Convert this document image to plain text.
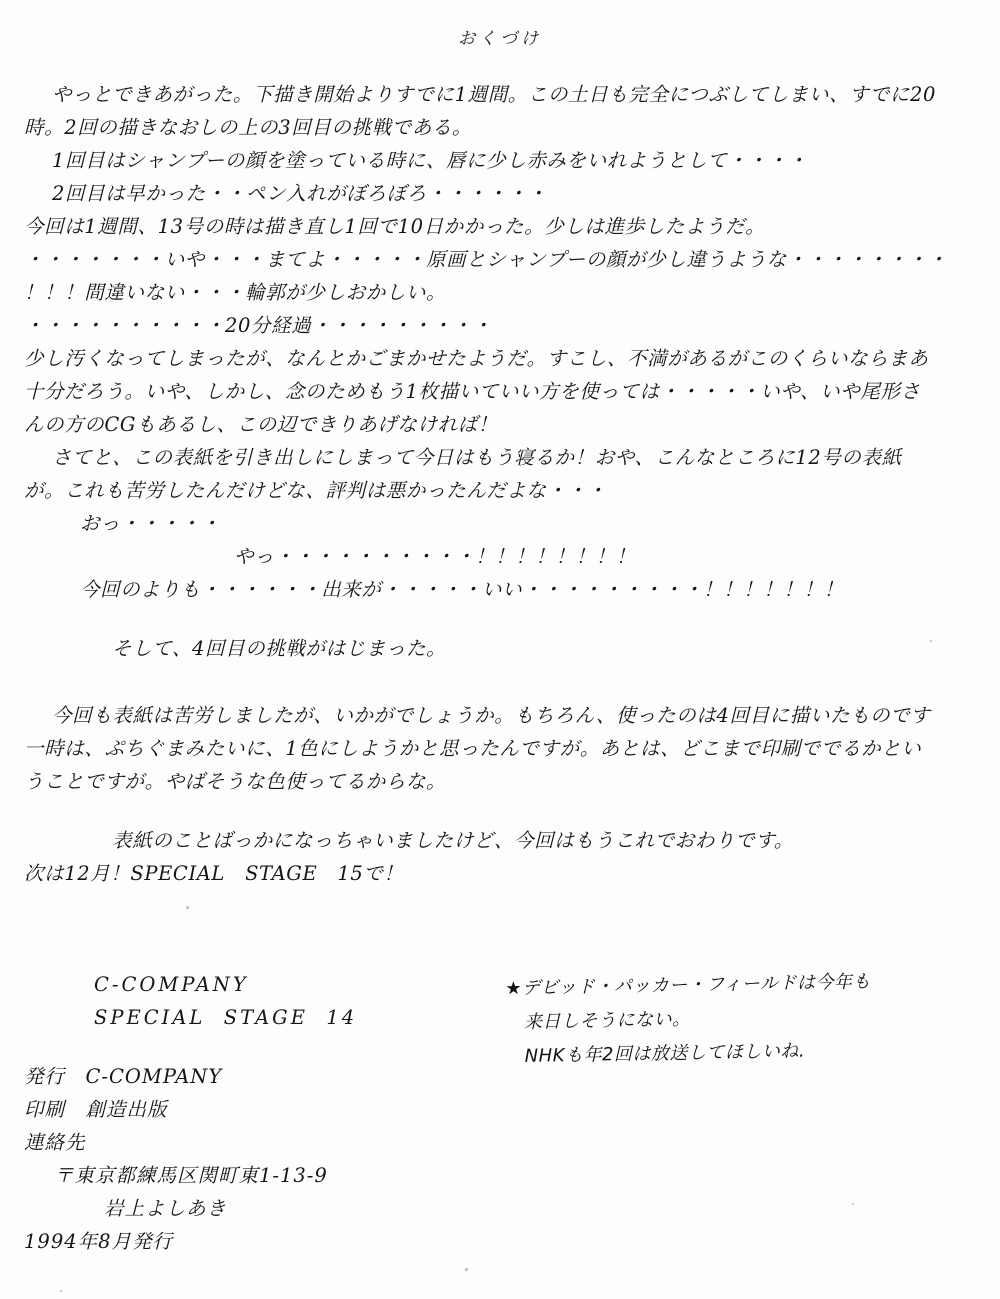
おくづけ

やっとできあがった。下描き開始よりすでに1週間。この土日も完全につぶしてしまい、すでに20

時。2回の描きなおしの上の3回目の挑戦である。

1回目はシャンプーの顔を塗っている時に、唇に少し赤みをいれようとして・・・・

2回目は早かった・・ペン入れがぼろぼろ・・・・・・

今回は1週間、13号の時は描き直し1回で10日かかった。少しは進歩したようだ。

・・・・・・・いや・・・まてよ・・・・・原画とシャンプーの顔が少し違うような・・・・・・・・

！！！間違いない・・・輪郭が少しおかしい。

・・・・・・・・・・20分経過・・・・・・・・・

少し汚くなってしまったが、なんとかごまかせたようだ。すこし、不満があるがこのくらいならまあ

十分だろう。いや、しかし、念のためもう1枚描いていい方を使っては・・・・・いや、いや尾形さ

んの方のCGもあるし、この辺できりあげなければ！

さてと、この表紙を引き出しにしまって今日はもう寝るか！おや、こんなところに12号の表紙

が。これも苦労したんだけどな、評判は悪かったんだよな・・・

おっ・・・・・

やっ・・・・・・・・・・！！！！！！！！

今回のよりも・・・・・・出来が・・・・・いい・・・・・・・・・！！！！！！！

そして、4回目の挑戦がはじまった。

今回も表紙は苦労しましたが、いかがでしょうか。もちろん、使ったのは4回目に描いたものです

一時は、ぷちぐまみたいに、1色にしようかと思ったんですが。あとは、どこまで印刷ででるかとい

うことですが。やばそうな色使ってるからな。

表紙のことばっかになっちゃいましたけど、今回はもうこれでおわりです。

次は12月！SPECIAL　STAGE　15で！

C-COMPANY
SPECIAL  STAGE  14
発行　C-COMPANY
印刷　創造出版
連絡先
〒東京都練馬区関町東1-13-9
岩上よしあき
1994年8月発行
★デビッド・パッカー・フィールドは今年も
来日しそうにない。
NHKも年2回は放送してほしいね.
